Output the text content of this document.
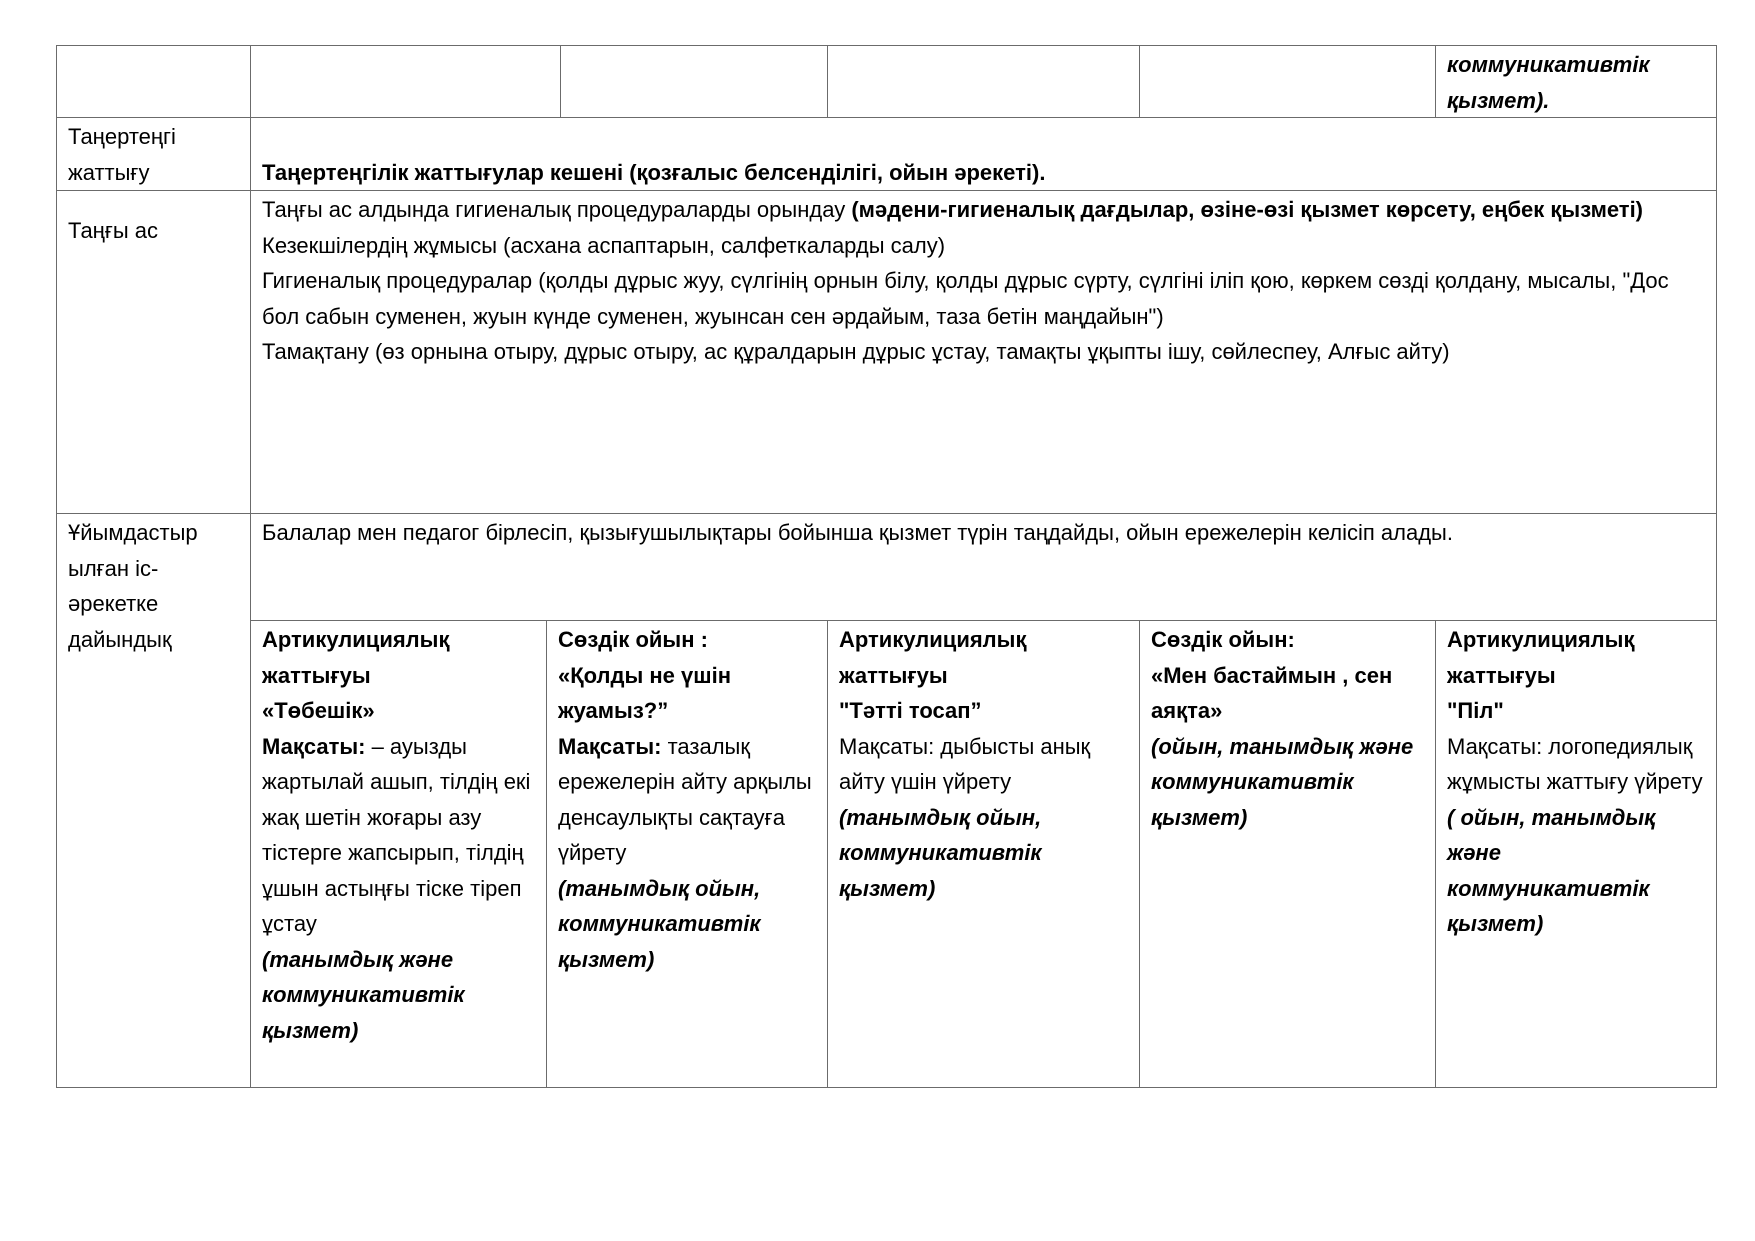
коммуникативтік
қызмет).
Таңертеңгі
жаттығу	Таңертеңгілік жаттығулар кешені (қозғалыс белсенділігі, ойын әрекеті).

Таңғы ас
Таңғы ас алдында гигиеналық процедураларды орындау (мәдени-гигиеналық дағдылар, өзіне-өзі қызмет көрсету, еңбек қызметі)
Кезекшілердің жұмысы (асхана аспаптарын, салфеткаларды салу)
Гигиеналық процедуралар (қолды дұрыс жуу, сүлгінің орнын білу, қолды дұрыс сүрту, сүлгіні іліп қою, көркем сөзді қолдану, мысалы, "Дос бол сабын суменен, жуын күнде суменен, жуынсан сен әрдайым, таза бетін маңдайын")
Тамақтану (өз орнына отыру, дұрыс отыру, ас құралдарын дұрыс ұстау, тамақты ұқыпты ішу, сөйлеспеу, Алғыс айту)
Ұйымдастыр
ылған іс-
әрекетке
дайындық
Балалар мен педагог бірлесіп, қызығушылықтары бойынша қызмет түрін таңдайды, ойын ережелерін келісіп алады.
Артикулициялық
жаттығуы
«Төбешік»
Мақсаты: – ауызды жартылай ашып, тілдің екі жақ шетін жоғары азу тістерге жапсырып, тілдің ұшын астыңғы тіске тіреп ұстау
(танымдық және коммуникативтік қызмет)
Сөздік ойын :
«Қолды не үшін жуамыз?”
Мақсаты: тазалық ережелерін айту арқылы денсаулықты сақтауға үйрету
(танымдық ойын, коммуникативтік қызмет)
Артикулициялық
жаттығуы
"Тәтті тосап”
Мақсаты: дыбысты анық айту үшін үйрету
(танымдық ойын, коммуникативтік қызмет)
Сөздік ойын:
«Мен бастаймын , сен аяқта»
(ойын, танымдық және коммуникативтік қызмет)
Артикулициялық
жаттығуы
"Піл"
Мақсаты: логопедиялық жұмысты жаттығу үйрету
( ойын, танымдық және коммуникативтік қызмет)
